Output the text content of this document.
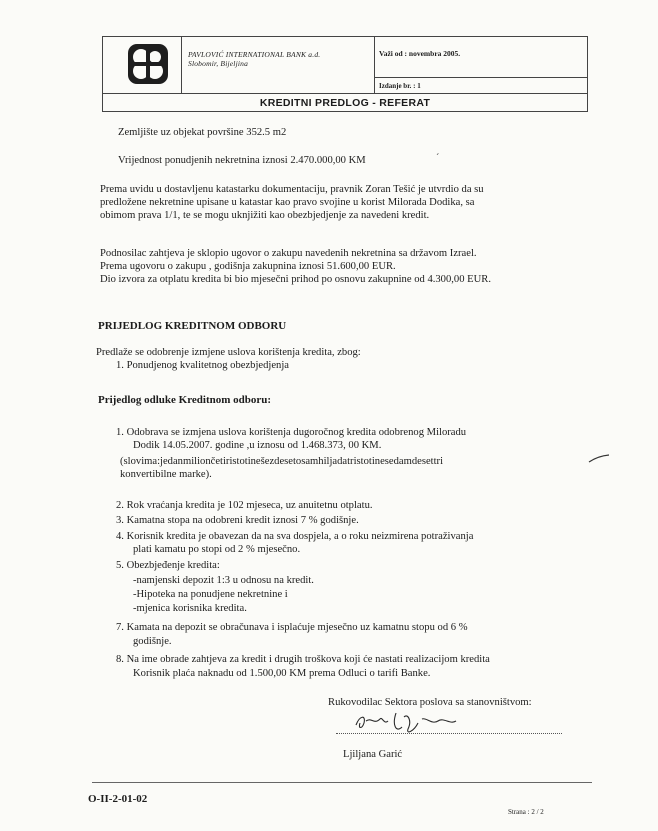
PAVLOVIĆ INTERNATIONAL BANK a.d.
Slobomir, Bijeljina
Važi od : novembra 2005.
Izdanje br. : 1
KREDITNI PREDLOG - REFERAT
Zemljište uz objekat površine 352.5 m2
Vrijednost ponudjenih nekretnina iznosi 2.470.000,00 KM	ˊ
Prema uvidu u dostavljenu katastarku dokumentaciju, pravnik Zoran Tešić je utvrdio da su
predložene nekretnine upisane u katastar kao pravo svojine u korist Milorada Dodika, sa
obimom prava 1/1, te se mogu uknjižiti kao obezbjedjenje za navedeni kredit.
Podnosilac zahtjeva je sklopio ugovor o zakupu navedenih nekretnina sa državom Izrael.
Prema ugovoru o zakupu , godišnja zakupnina iznosi 51.600,00 EUR.
Dio izvora za otplatu kredita bi bio mjesečni prihod po osnovu zakupnine od 4.300,00 EUR.
PRIJEDLOG KREDITNOM ODBORU
Predlaže se odobrenje izmjene uslova korištenja kredita, zbog:
1. Ponudjenog kvalitetnog obezbjedjenja
Prijedlog odluke Kreditnom odboru:
1. Odobrava se izmjena uslova korištenja dugoročnog kredita odobrenog Miloradu
Dodik 14.05.2007. godine ,u iznosu od 1.468.373, 00 KM.
(slovima:jedanmiliončetiristotinešezdesetosamhiljadatristotinesedamdesettri
konvertibilne marke).
2. Rok vraćanja kredita je 102 mjeseca, uz anuitetnu otplatu.
3. Kamatna stopa na odobreni kredit iznosi 7 % godišnje.
4. Korisnik kredita je obavezan da na sva dospjela, a o roku neizmirena potraživanja
plati kamatu po stopi od 2 % mjesečno.
5. Obezbjeđenje kredita:
-namjenski depozit 1:3 u odnosu na kredit.
-Hipoteka na ponudjene nekretnine i
-mjenica korisnika kredita.
7. Kamata na depozit se obračunava i isplaćuje mjesečno uz kamatnu stopu od 6 %
godišnje.
8. Na ime obrade zahtjeva za kredit i drugih troškova koji će nastati realizacijom kredita
Korisnik plaća naknadu od 1.500,00 KM prema Odluci o tarifi Banke.
Rukovodilac Sektora poslova sa stanovništvom:
Ljiljana Garić
O-II-2-01-02
Strana : 2 / 2
